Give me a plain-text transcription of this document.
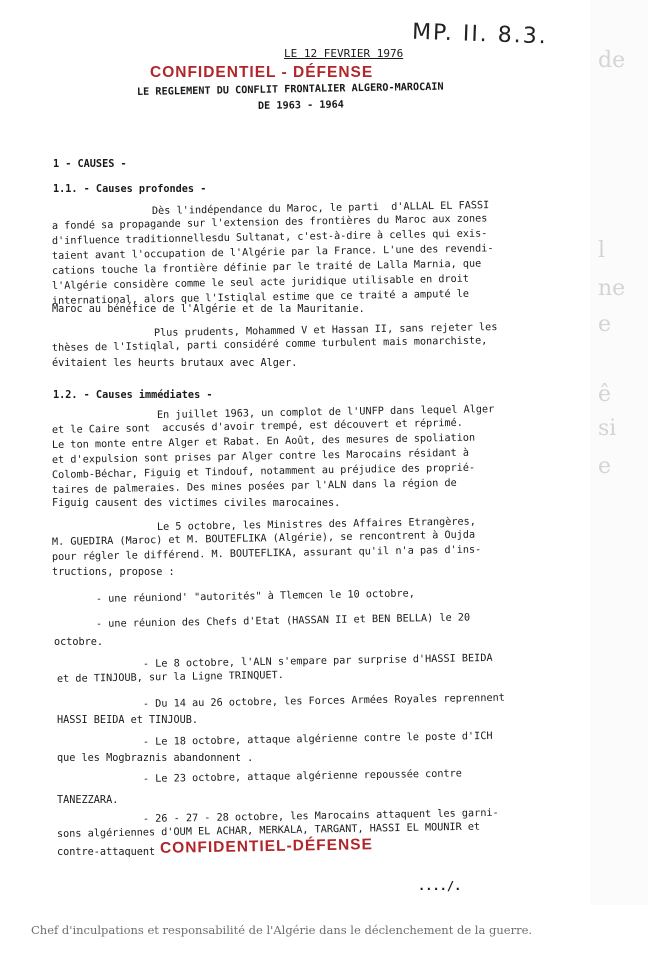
MP. II. 8.3.
LE 12 FEVRIER 1976
CONFIDENTIEL - DÉFENSE
LE REGLEMENT DU CONFLIT FRONTALIER ALGERO-MAROCAIN
DE 1963 - 1964
1 - CAUSES -
1.1. - Causes profondes -
Dès l'indépendance du Maroc, le parti  d'ALLAL EL FASSI
a fondé sa propagande sur l'extension des frontières du Maroc aux zones
d'influence traditionnellesdu Sultanat, c'est-à-dire à celles qui exis-
taient avant l'occupation de l'Algérie par la France. L'une des revendi-
cations touche la frontière définie par le traité de Lalla Marnia, que
l'Algérie considère comme le seul acte juridique utilisable en droit
international, alors que l'Istiqlal estime que ce traité a amputé le
Maroc au bénéfice de l'Algérie et de la Mauritanie.
Plus prudents, Mohammed V et Hassan II, sans rejeter les
thèses de l'Istiqlal, parti considéré comme turbulent mais monarchiste,
évitaient les heurts brutaux avec Alger.
1.2. - Causes immédiates -
En juillet 1963, un complot de l'UNFP dans lequel Alger
et le Caire sont  accusés d'avoir trempé, est découvert et réprimé.
Le ton monte entre Alger et Rabat. En Août, des mesures de spoliation
et d'expulsion sont prises par Alger contre les Marocains résidant à
Colomb-Béchar, Figuig et Tindouf, notamment au préjudice des proprié-
taires de palmeraies. Des mines posées par l'ALN dans la région de
Figuig causent des victimes civiles marocaines.
Le 5 octobre, les Ministres des Affaires Etrangères,
M. GUEDIRA (Maroc) et M. BOUTEFLIKA (Algérie), se rencontrent à Oujda
pour régler le différend. M. BOUTEFLIKA, assurant qu'il n'a pas d'ins-
tructions, propose :
- une réuniond' "autorités" à Tlemcen le 10 octobre,
- une réunion des Chefs d'Etat (HASSAN II et BEN BELLA) le 20
octobre.
- Le 8 octobre, l'ALN s'empare par surprise d'HASSI BEIDA
et de TINJOUB, sur la Ligne TRINQUET.
- Du 14 au 26 octobre, les Forces Armées Royales reprennent
HASSI BEIDA et TINJOUB.
- Le 18 octobre, attaque algérienne contre le poste d'ICH
que les Mogbraznis abandonnent .
- Le 23 octobre, attaque algérienne repoussée contre
TANEZZARA.
- 26 - 27 - 28 octobre, les Marocains attaquent les garni-
sons algériennes d'OUM EL ACHAR, MERKALA, TARGANT, HASSI EL MOUNIR et
contre-attaquent CONFIDENTIEL-DÉFENSE
..../.
de
l
ne
e
ê
si
e
Chef d'inculpations et responsabilité de l'Algérie dans le déclenchement de la guerre.
